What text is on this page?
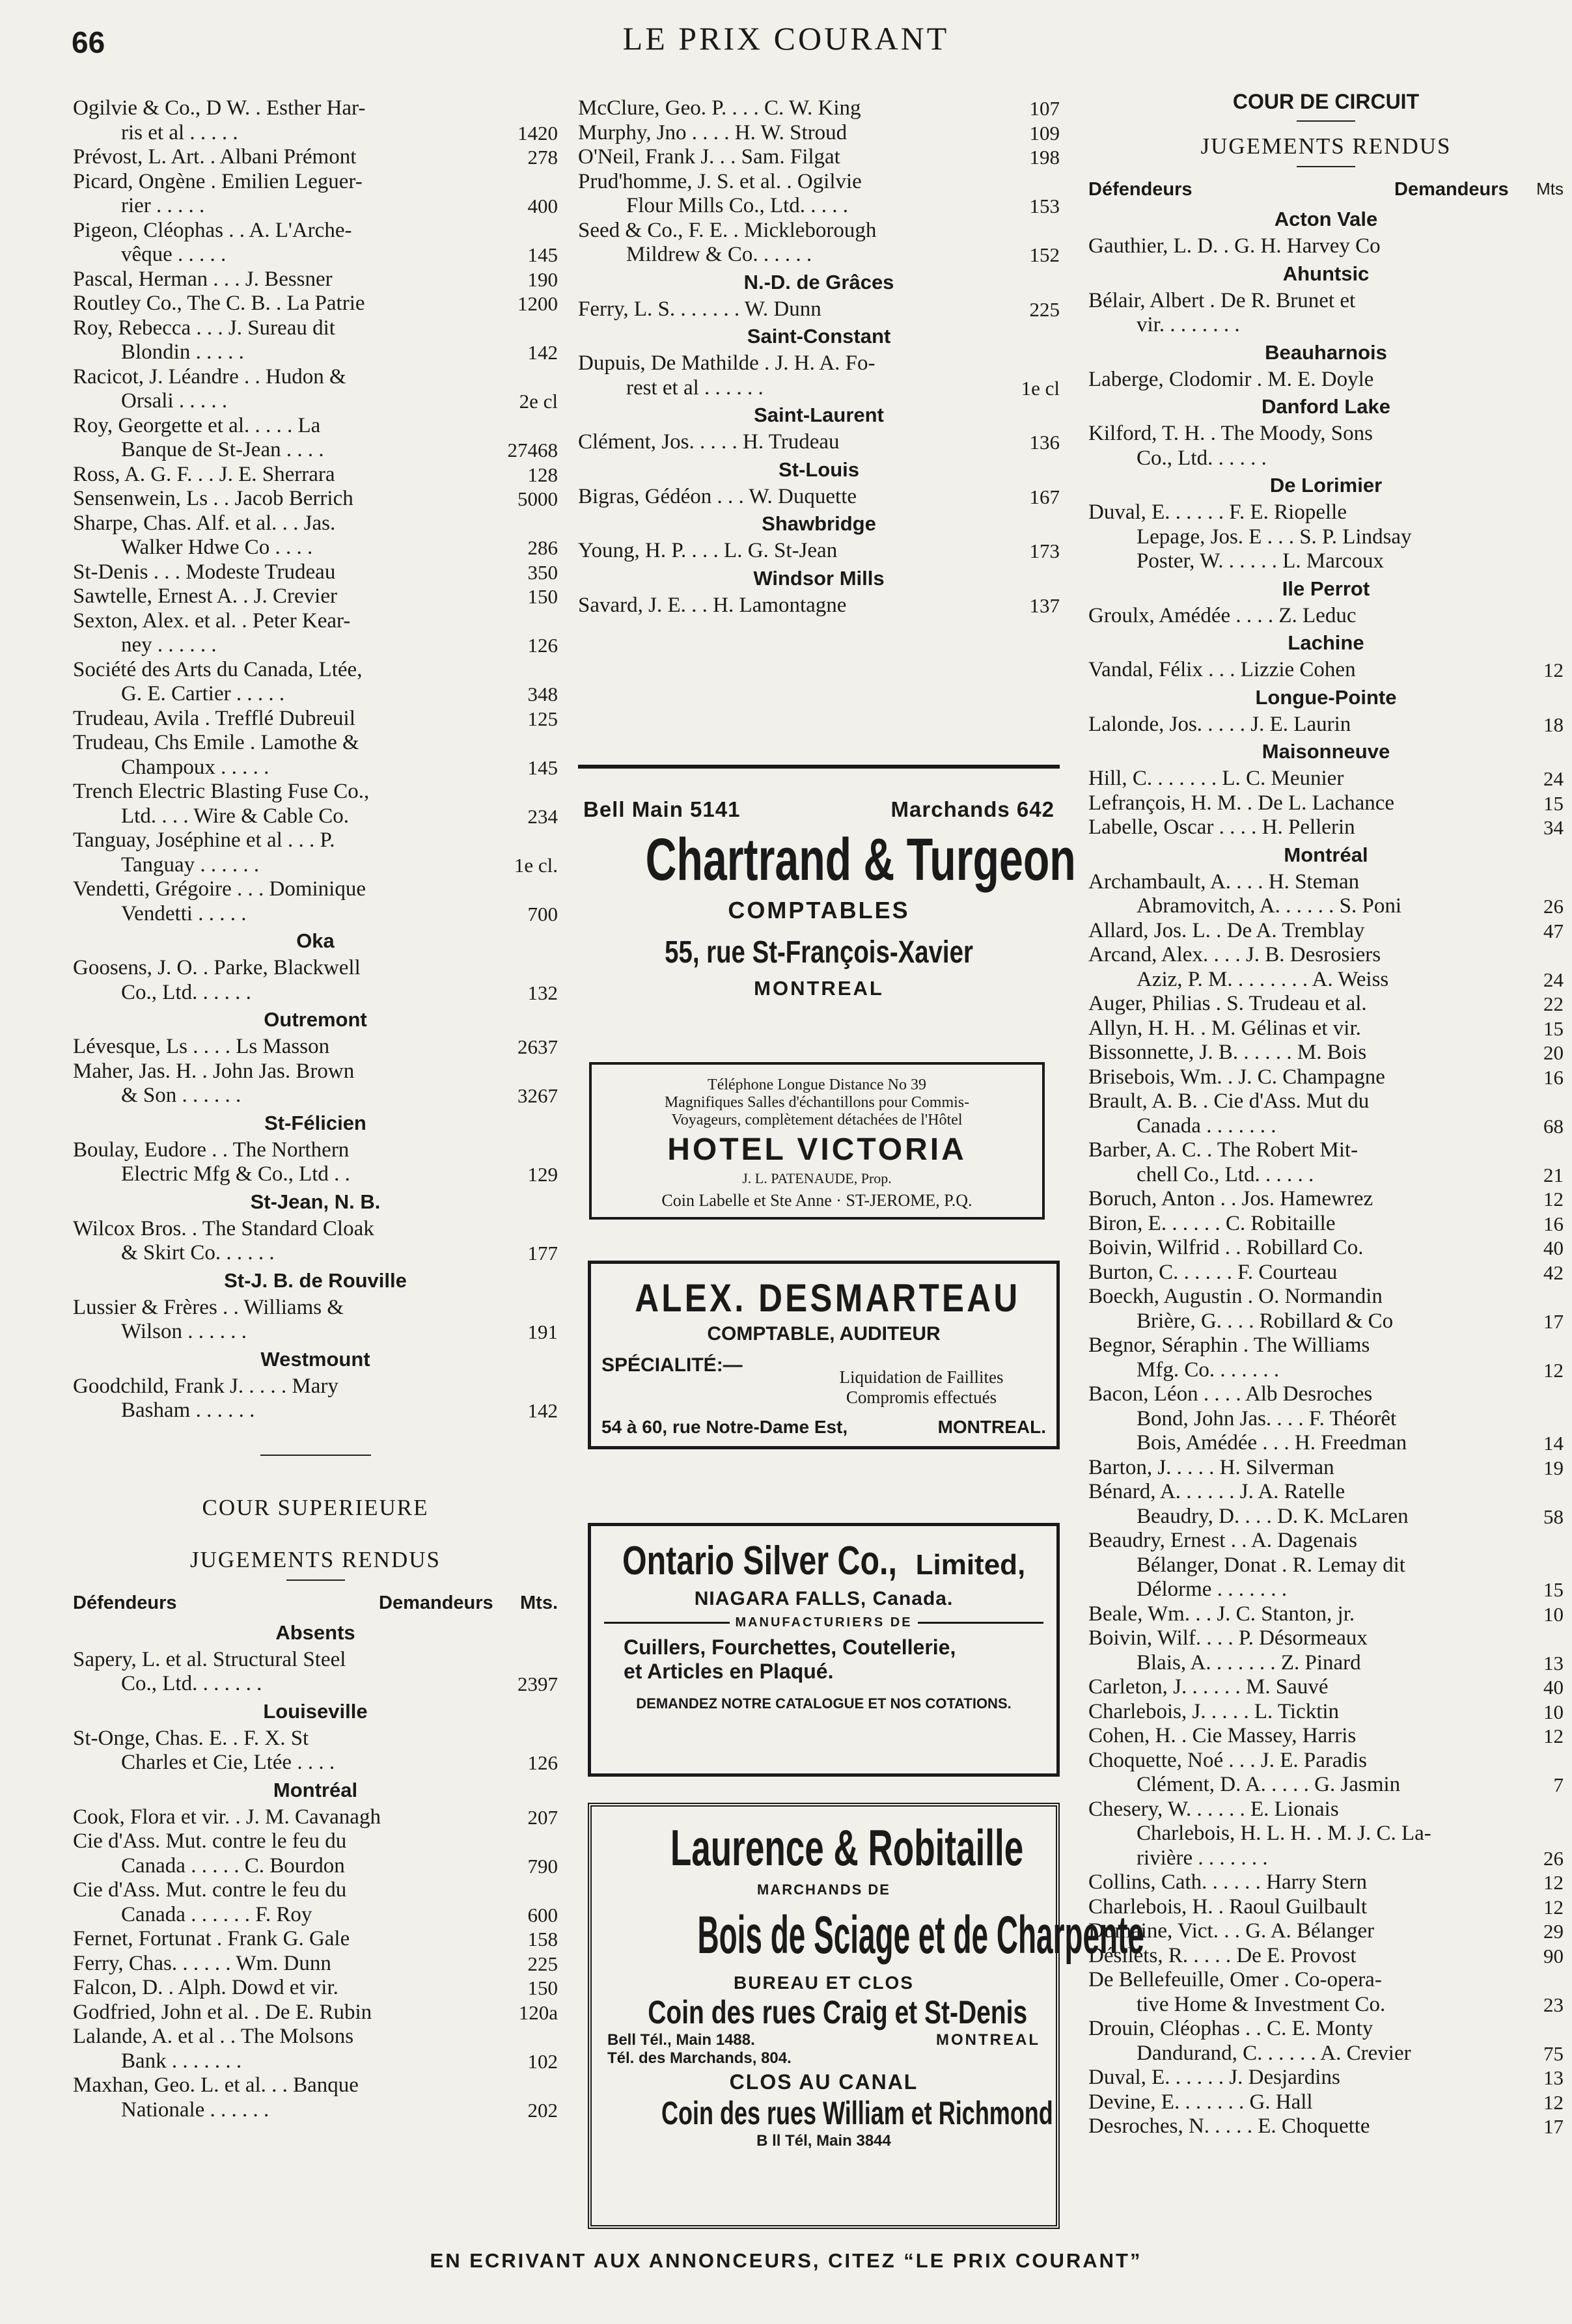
66	LE PRIX COURANT
Ogilvie & Co., D W. . Esther Har-
ris et al . . . . .	1420
Prévost, L. Art. . Albani Prémont	278
Picard, Ongène . Emilien Leguer-
rier . . . . .	400
Pigeon, Cléophas . . A. L'Arche-
vêque . . . . .	145
Pascal, Herman . . . J. Bessner	190
Routley Co., The C. B. . La Patrie	1200
Roy, Rebecca . . . J. Sureau dit
Blondin . . . . .	142
Racicot, J. Léandre . . Hudon &
Orsali . . . . .	2e cl
Roy, Georgette et al. . . . . La
Banque de St-Jean . . . .	27468
Ross, A. G. F. . . J. E. Sherrara	128
Sensenwein, Ls . . Jacob Berrich	5000
Sharpe, Chas. Alf. et al. . . Jas.
Walker Hdwe Co . . . .	286
St-Denis . . . Modeste Trudeau	350
Sawtelle, Ernest A. . J. Crevier	150
Sexton, Alex. et al. . Peter Kear-
ney . . . . . .	126
Société des Arts du Canada, Ltée,
G. E. Cartier . . . . .	348
Trudeau, Avila . Trefflé Dubreuil	125
Trudeau, Chs Emile . Lamothe &
Champoux . . . . .	145
Trench Electric Blasting Fuse Co.,
Ltd. . . . Wire & Cable Co.	234
Tanguay, Joséphine et al . . . P.
Tanguay . . . . . .	1e cl.
Vendetti, Grégoire . . . Dominique
Vendetti . . . . .	700
Oka
Goosens, J. O. . Parke, Blackwell
Co., Ltd. . . . . .	132
Outremont
Lévesque, Ls . . . . Ls Masson	2637
Maher, Jas. H. . John Jas. Brown
& Son . . . . . .	3267
St-Félicien
Boulay, Eudore . . The Northern
Electric Mfg & Co., Ltd . .	129
St-Jean, N. B.
Wilcox Bros. . The Standard Cloak
& Skirt Co. . . . . .	177
St-J. B. de Rouville
Lussier & Frères . . Williams &
Wilson . . . . . .	191
Westmount
Goodchild, Frank J. . . . . Mary
Basham . . . . . .	142
COUR SUPERIEURE
JUGEMENTS RENDUS
Défendeurs	Demandeurs	Mts.
Absents
Sapery, L. et al. Structural Steel
Co., Ltd. . . . . . .	2397
Louiseville
St-Onge, Chas. E. . F. X. St
Charles et Cie, Ltée . . . .	126
Montréal
Cook, Flora et vir. . J. M. Cavanagh	207
Cie d'Ass. Mut. contre le feu du
Canada . . . . . C. Bourdon	790
Cie d'Ass. Mut. contre le feu du
Canada . . . . . . F. Roy	600
Fernet, Fortunat . Frank G. Gale	158
Ferry, Chas. . . . . . Wm. Dunn	225
Falcon, D. . Alph. Dowd et vir.	150
Godfried, John et al. . De E. Rubin	120a
Lalande, A. et al . . The Molsons
Bank . . . . . . .	102
Maxhan, Geo. L. et al. . . Banque
Nationale . . . . . .	202
McClure, Geo. P. . . . C. W. King	107
Murphy, Jno . . . . H. W. Stroud	109
O'Neil, Frank J. . . Sam. Filgat	198
Prud'homme, J. S. et al. . Ogilvie
Flour Mills Co., Ltd. . . . .	153
Seed & Co., F. E. . Mickleborough
Mildrew & Co. . . . . .	152
N.-D. de Grâces
Ferry, L. S. . . . . . . W. Dunn	225
Saint-Constant
Dupuis, De Mathilde . J. H. A. Fo-
rest et al . . . . . .	1e cl
Saint-Laurent
Clément, Jos. . . . . H. Trudeau	136
St-Louis
Bigras, Gédéon . . . W. Duquette	167
Shawbridge
Young, H. P. . . . L. G. St-Jean	173
Windsor Mills
Savard, J. E. . . H. Lamontagne	137
Bell Main 5141	Marchands 642
Chartrand & Turgeon
COMPTABLES
55, rue St-François-Xavier
MONTREAL
Téléphone Longue Distance No 39
Magnifiques Salles d'échantillons pour Commis-
Voyageurs, complètement détachées de l'Hôtel
HOTEL VICTORIA
J. L. PATENAUDE, Prop.
Coin Labelle et Ste Anne · ST-JEROME, P.Q.
ALEX. DESMARTEAU
COMPTABLE, AUDITEUR
SPÉCIALITÉ:—
Liquidation de Faillites
Compromis effectués
54 à 60, rue Notre-Dame Est,	MONTREAL.
Ontario Silver Co., Limited,
NIAGARA FALLS, Canada.
MANUFACTURIERS DE
Cuillers, Fourchettes, Coutellerie,
et Articles en Plaqué.
DEMANDEZ NOTRE CATALOGUE ET NOS COTATIONS.
Laurence & Robitaille
MARCHANDS DE
Bois de Sciage et de Charpente
BUREAU ET CLOS
Coin des rues Craig et St-Denis
Bell Tél., Main 1488.	MONTREAL
Tél. des Marchands, 804.
CLOS AU CANAL
Coin des rues William et Richmond
B ll Tél, Main 3844
COUR DE CIRCUIT
JUGEMENTS RENDUS
Défendeurs	Demandeurs	Mts
Acton Vale
Gauthier, L. D. . G. H. Harvey Co
Ahuntsic
Bélair, Albert . De R. Brunet et
vir. . . . . . . .
Beauharnois
Laberge, Clodomir . M. E. Doyle
Danford Lake
Kilford, T. H. . The Moody, Sons
Co., Ltd. . . . . .
De Lorimier
Duval, E. . . . . . F. E. Riopelle
Lepage, Jos. E . . . S. P. Lindsay
Poster, W. . . . . . L. Marcoux
Ile Perrot
Groulx, Amédée . . . . Z. Leduc
Lachine
Vandal, Félix . . . Lizzie Cohen	12
Longue-Pointe
Lalonde, Jos. . . . . J. E. Laurin	18
Maisonneuve
Hill, C. . . . . . . L. C. Meunier	24
Lefrançois, H. M. . De L. Lachance	15
Labelle, Oscar . . . . H. Pellerin	34
Montréal
Archambault, A. . . . H. Steman
Abramovitch, A. . . . . . S. Poni	26
Allard, Jos. L. . De A. Tremblay	47
Arcand, Alex. . . . J. B. Desrosiers
Aziz, P. M. . . . . . . . A. Weiss	24
Auger, Philias . S. Trudeau et al.	22
Allyn, H. H. . M. Gélinas et vir.	15
Bissonnette, J. B. . . . . . M. Bois	20
Brisebois, Wm. . J. C. Champagne	16
Brault, A. B. . Cie d'Ass. Mut du
Canada . . . . . . .	68
Barber, A. C. . The Robert Mit-
chell Co., Ltd. . . . . .	21
Boruch, Anton . . Jos. Hamewrez	12
Biron, E. . . . . . C. Robitaille	16
Boivin, Wilfrid . . Robillard Co.	40
Burton, C. . . . . . F. Courteau	42
Boeckh, Augustin . O. Normandin
Brière, G. . . . Robillard & Co	17
Begnor, Séraphin . The Williams
Mfg. Co. . . . . . .	12
Bacon, Léon . . . . Alb Desroches
Bond, John Jas. . . . F. Théorêt
Bois, Amédée . . . H. Freedman	14
Barton, J. . . . . H. Silverman	19
Bénard, A. . . . . . J. A. Ratelle
Beaudry, D. . . . D. K. McLaren	58
Beaudry, Ernest . . A. Dagenais
Bélanger, Donat . R. Lemay dit
Délorme . . . . . . .	15
Beale, Wm. . . J. C. Stanton, jr.	10
Boivin, Wilf. . . . P. Désormeaux
Blais, A. . . . . . . Z. Pinard	13
Carleton, J. . . . . . M. Sauvé	40
Charlebois, J. . . . . L. Ticktin	10
Cohen, H. . Cie Massey, Harris	12
Choquette, Noé . . . J. E. Paradis
Clément, D. A. . . . . G. Jasmin	7
Chesery, W. . . . . . E. Lionais
Charlebois, H. L. H. . M. J. C. La-
rivière . . . . . . .	26
Collins, Cath. . . . . . Harry Stern	12
Charlebois, H. . Raoul Guilbault	12
Dumaine, Vict. . . G. A. Bélanger	29
Désilets, R. . . . . De E. Provost	90
De Bellefeuille, Omer . Co-opera-
tive Home & Investment Co.	23
Drouin, Cléophas . . C. E. Monty
Dandurand, C. . . . . . A. Crevier	75
Duval, E. . . . . . J. Desjardins	13
Devine, E. . . . . . . G. Hall	12
Desroches, N. . . . . E. Choquette	17
EN ECRIVANT AUX ANNONCEURS, CITEZ “LE PRIX COURANT”
